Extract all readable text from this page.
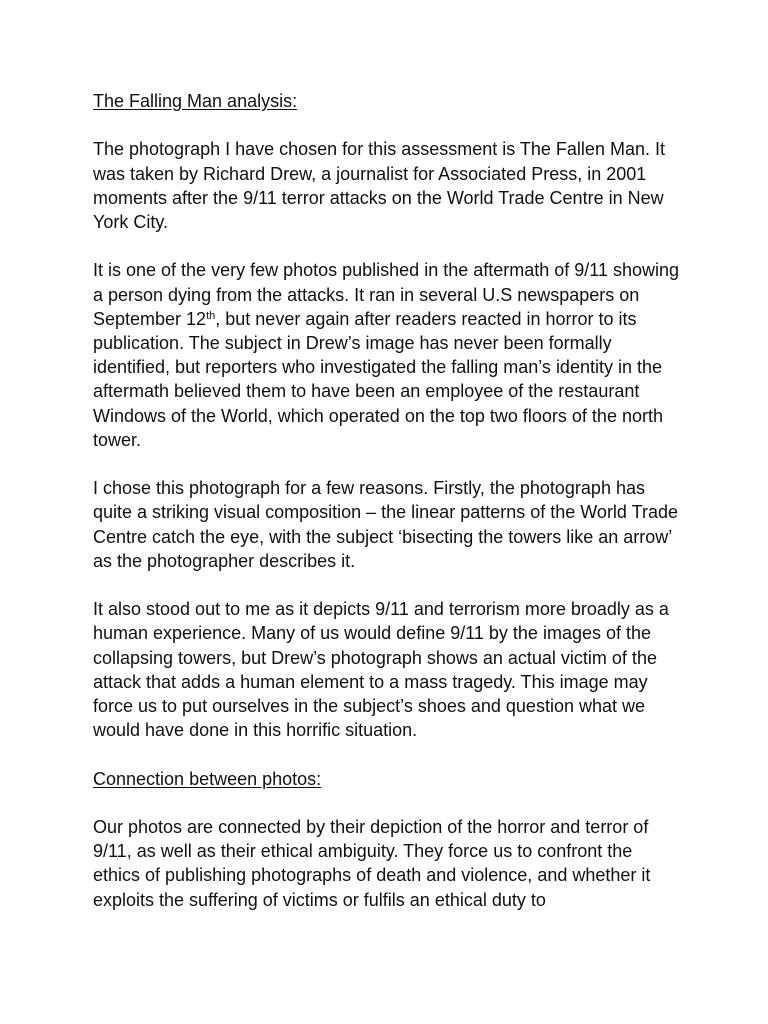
The Falling Man analysis:

The photograph I have chosen for this assessment is The Fallen Man. It was taken by Richard Drew, a journalist for Associated Press, in 2001 moments after the 9/11 terror attacks on the World Trade Centre in New York City.

It is one of the very few photos published in the aftermath of 9/11 showing a person dying from the attacks. It ran in several U.S newspapers on September 12th, but never again after readers reacted in horror to its publication. The subject in Drew’s image has never been formally identified, but reporters who investigated the falling man’s identity in the aftermath believed them to have been an employee of the restaurant Windows of the World, which operated on the top two floors of the north tower.

I chose this photograph for a few reasons. Firstly, the photograph has quite a striking visual composition – the linear patterns of the World Trade Centre catch the eye, with the subject ‘bisecting the towers like an arrow’ as the photographer describes it.

It also stood out to me as it depicts 9/11 and terrorism more broadly as a human experience. Many of us would define 9/11 by the images of the collapsing towers, but Drew’s photograph shows an actual victim of the attack that adds a human element to a mass tragedy. This image may force us to put ourselves in the subject’s shoes and question what we would have done in this horrific situation.

Connection between photos:

Our photos are connected by their depiction of the horror and terror of 9/11, as well as their ethical ambiguity. They force us to confront the ethics of publishing photographs of death and violence, and whether it exploits the suffering of victims or fulfils an ethical duty to
